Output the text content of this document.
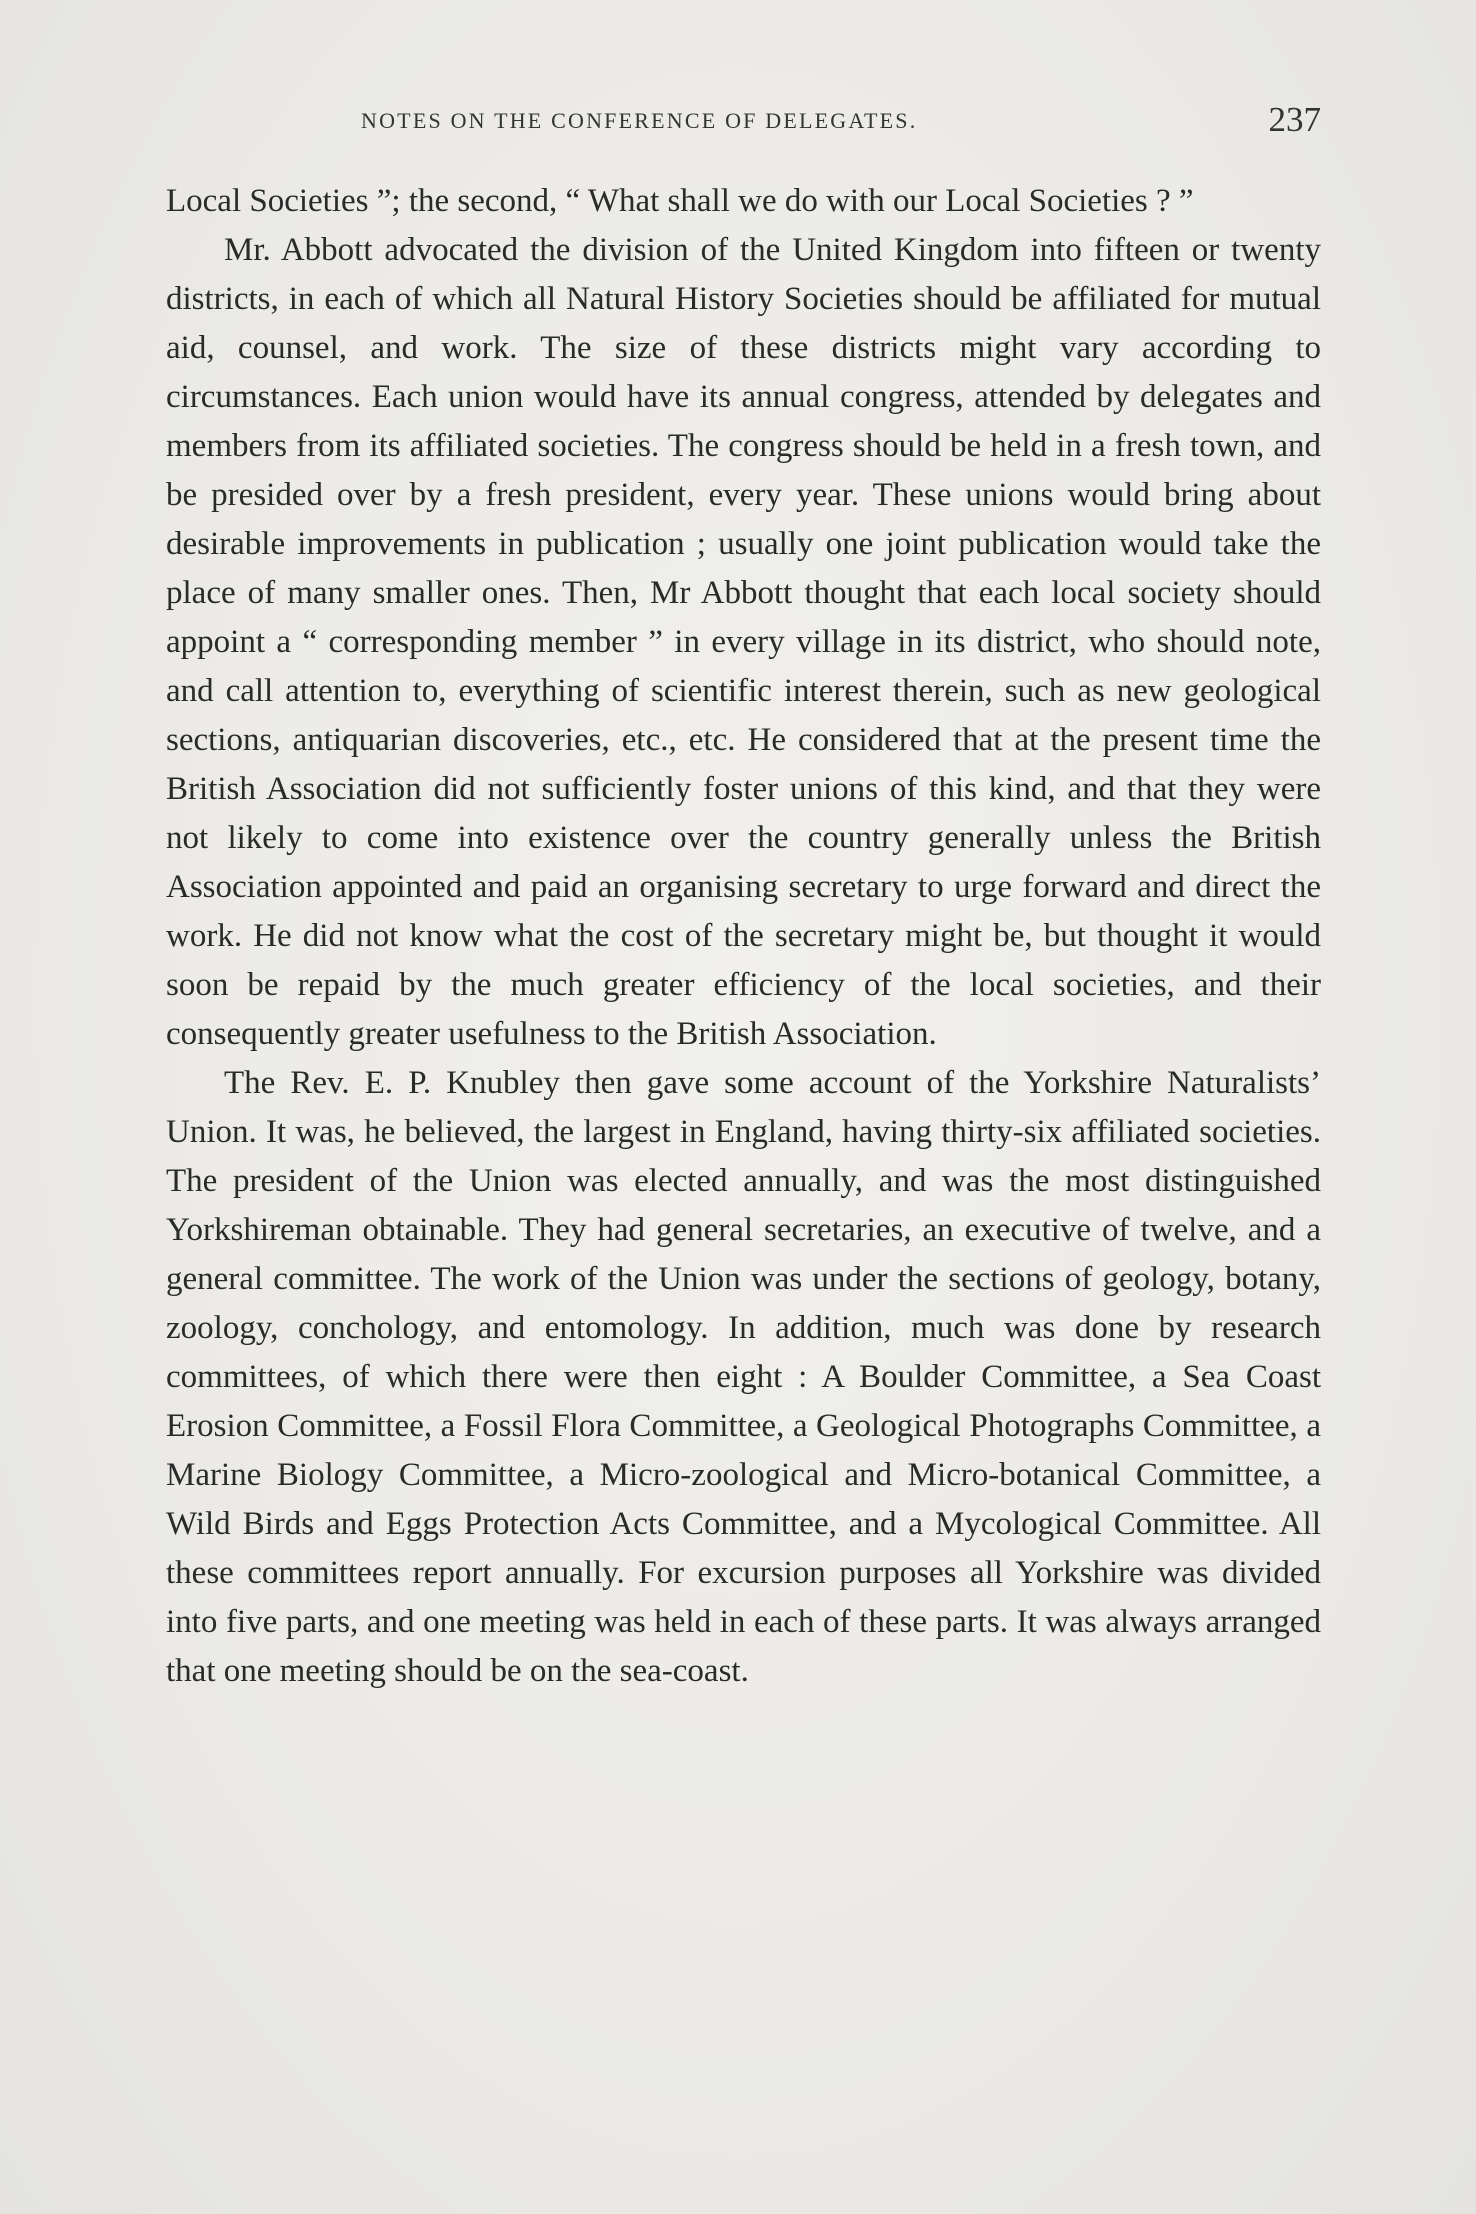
NOTES ON THE CONFERENCE OF DELEGATES.	237

Local Societies ”; the second, “ What shall we do with our Local Societies ? ”

Mr. Abbott advocated the division of the United Kingdom into fifteen or twenty districts, in each of which all Natural History Societies should be affiliated for mutual aid, counsel, and work. The size of these districts might vary according to circumstances. Each union would have its annual congress, attended by delegates and members from its affiliated societies. The congress should be held in a fresh town, and be presided over by a fresh president, every year. These unions would bring about desirable improvements in publication ; usually one joint publication would take the place of many smaller ones. Then, Mr Abbott thought that each local society should appoint a “ corresponding member ” in every village in its district, who should note, and call attention to, everything of scientific interest therein, such as new geological sections, antiquarian discoveries, etc., etc. He considered that at the present time the British Association did not sufficiently foster unions of this kind, and that they were not likely to come into existence over the country generally unless the British Association appointed and paid an organising secretary to urge forward and direct the work. He did not know what the cost of the secretary might be, but thought it would soon be repaid by the much greater efficiency of the local societies, and their consequently greater usefulness to the British Association.

The Rev. E. P. Knubley then gave some account of the Yorkshire Naturalists’ Union. It was, he believed, the largest in England, having thirty-six affiliated societies. The president of the Union was elected annually, and was the most distinguished Yorkshireman obtainable. They had general secretaries, an executive of twelve, and a general committee. The work of the Union was under the sections of geology, botany, zoology, conchology, and entomology. In addition, much was done by research committees, of which there were then eight : A Boulder Committee, a Sea Coast Erosion Committee, a Fossil Flora Committee, a Geological Photographs Committee, a Marine Biology Committee, a Micro-zoological and Micro-botanical Committee, a Wild Birds and Eggs Protection Acts Committee, and a Mycological Committee. All these committees report annually. For excursion purposes all Yorkshire was divided into five parts, and one meeting was held in each of these parts. It was always arranged that one meeting should be on the sea-coast.
